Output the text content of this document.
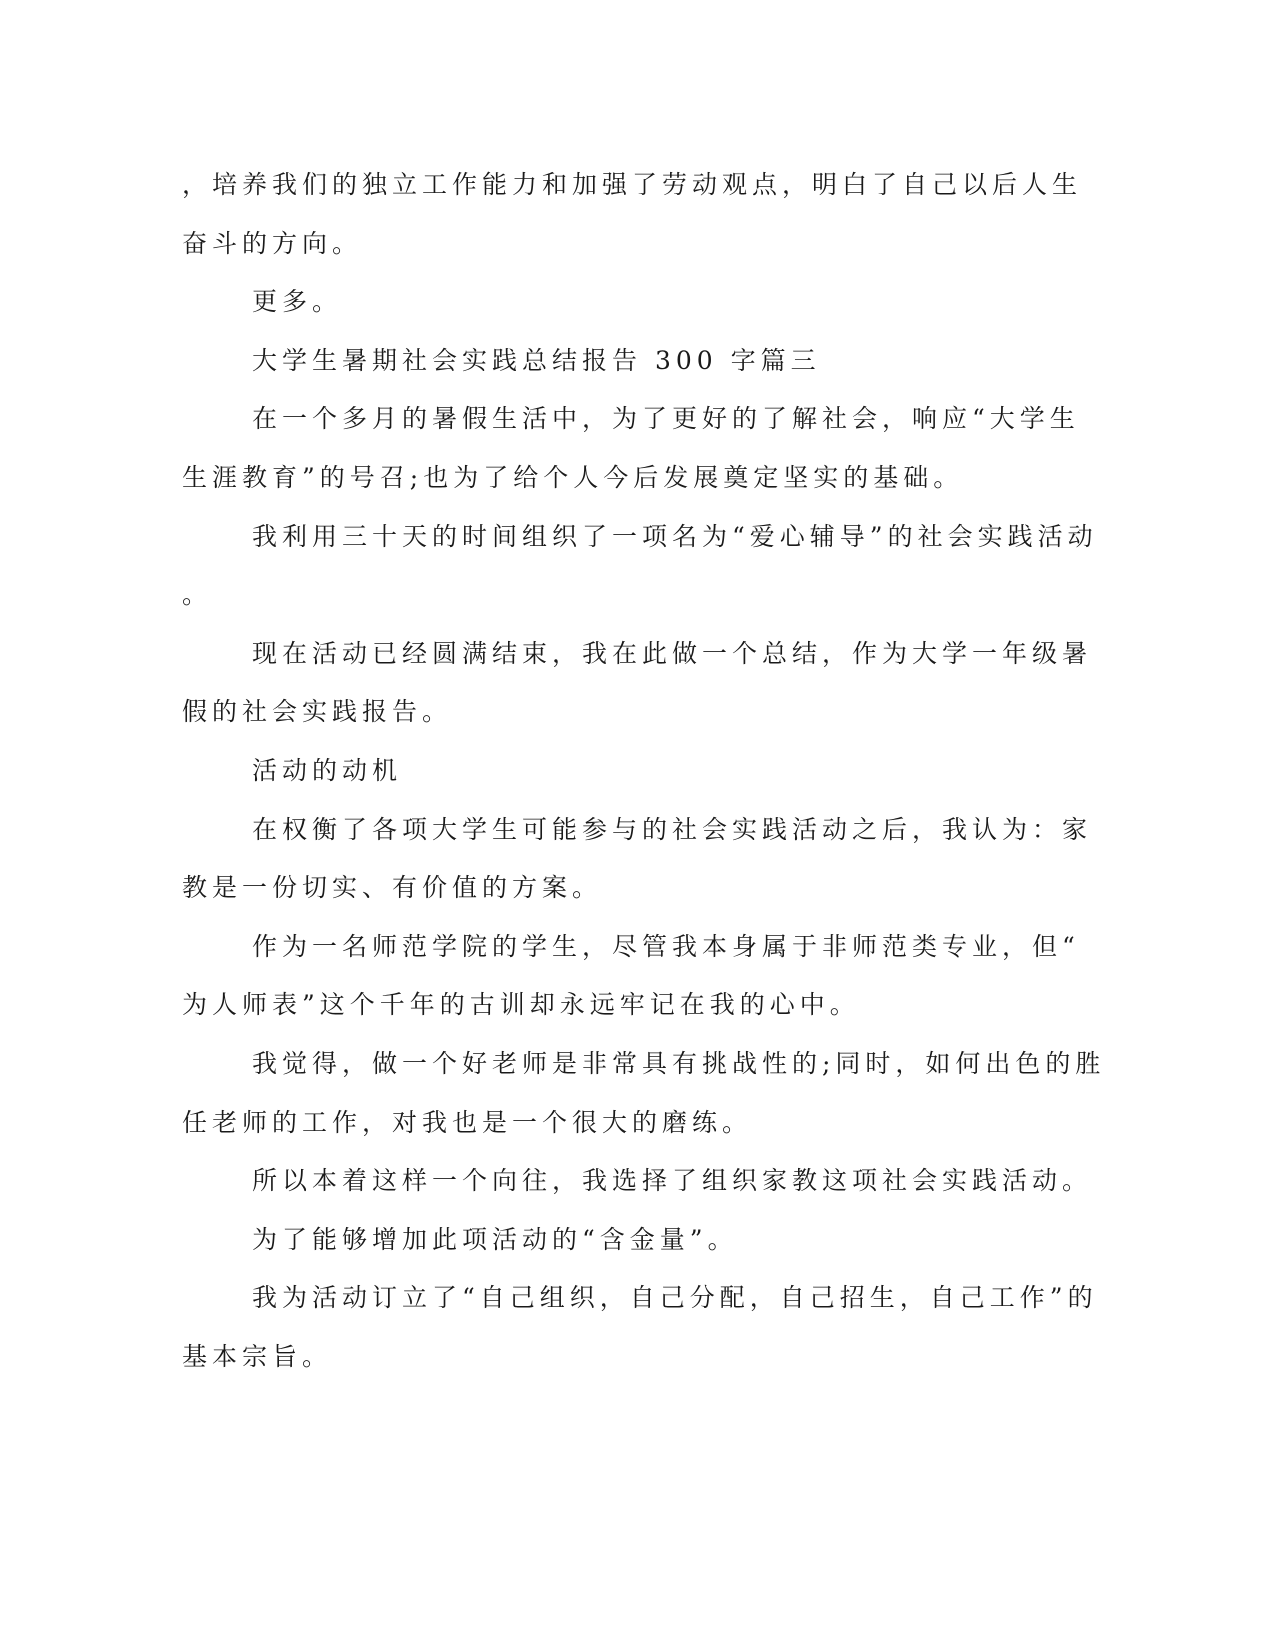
，培养我们的独立工作能力和加强了劳动观点，明白了自己以后人生
奋斗的方向。
更多。
大学生暑期社会实践总结报告 300 字篇三
在一个多月的暑假生活中，为了更好的了解社会，响应“大学生
生涯教育”的号召;也为了给个人今后发展奠定坚实的基础。
我利用三十天的时间组织了一项名为“爱心辅导”的社会实践活动
。
现在活动已经圆满结束，我在此做一个总结，作为大学一年级暑
假的社会实践报告。
活动的动机
在权衡了各项大学生可能参与的社会实践活动之后，我认为：家
教是一份切实、有价值的方案。
作为一名师范学院的学生，尽管我本身属于非师范类专业，但“
为人师表”这个千年的古训却永远牢记在我的心中。
我觉得，做一个好老师是非常具有挑战性的;同时，如何出色的胜
任老师的工作，对我也是一个很大的磨练。
所以本着这样一个向往，我选择了组织家教这项社会实践活动。
为了能够增加此项活动的“含金量”。
我为活动订立了“自己组织，自己分配，自己招生，自己工作”的
基本宗旨。
